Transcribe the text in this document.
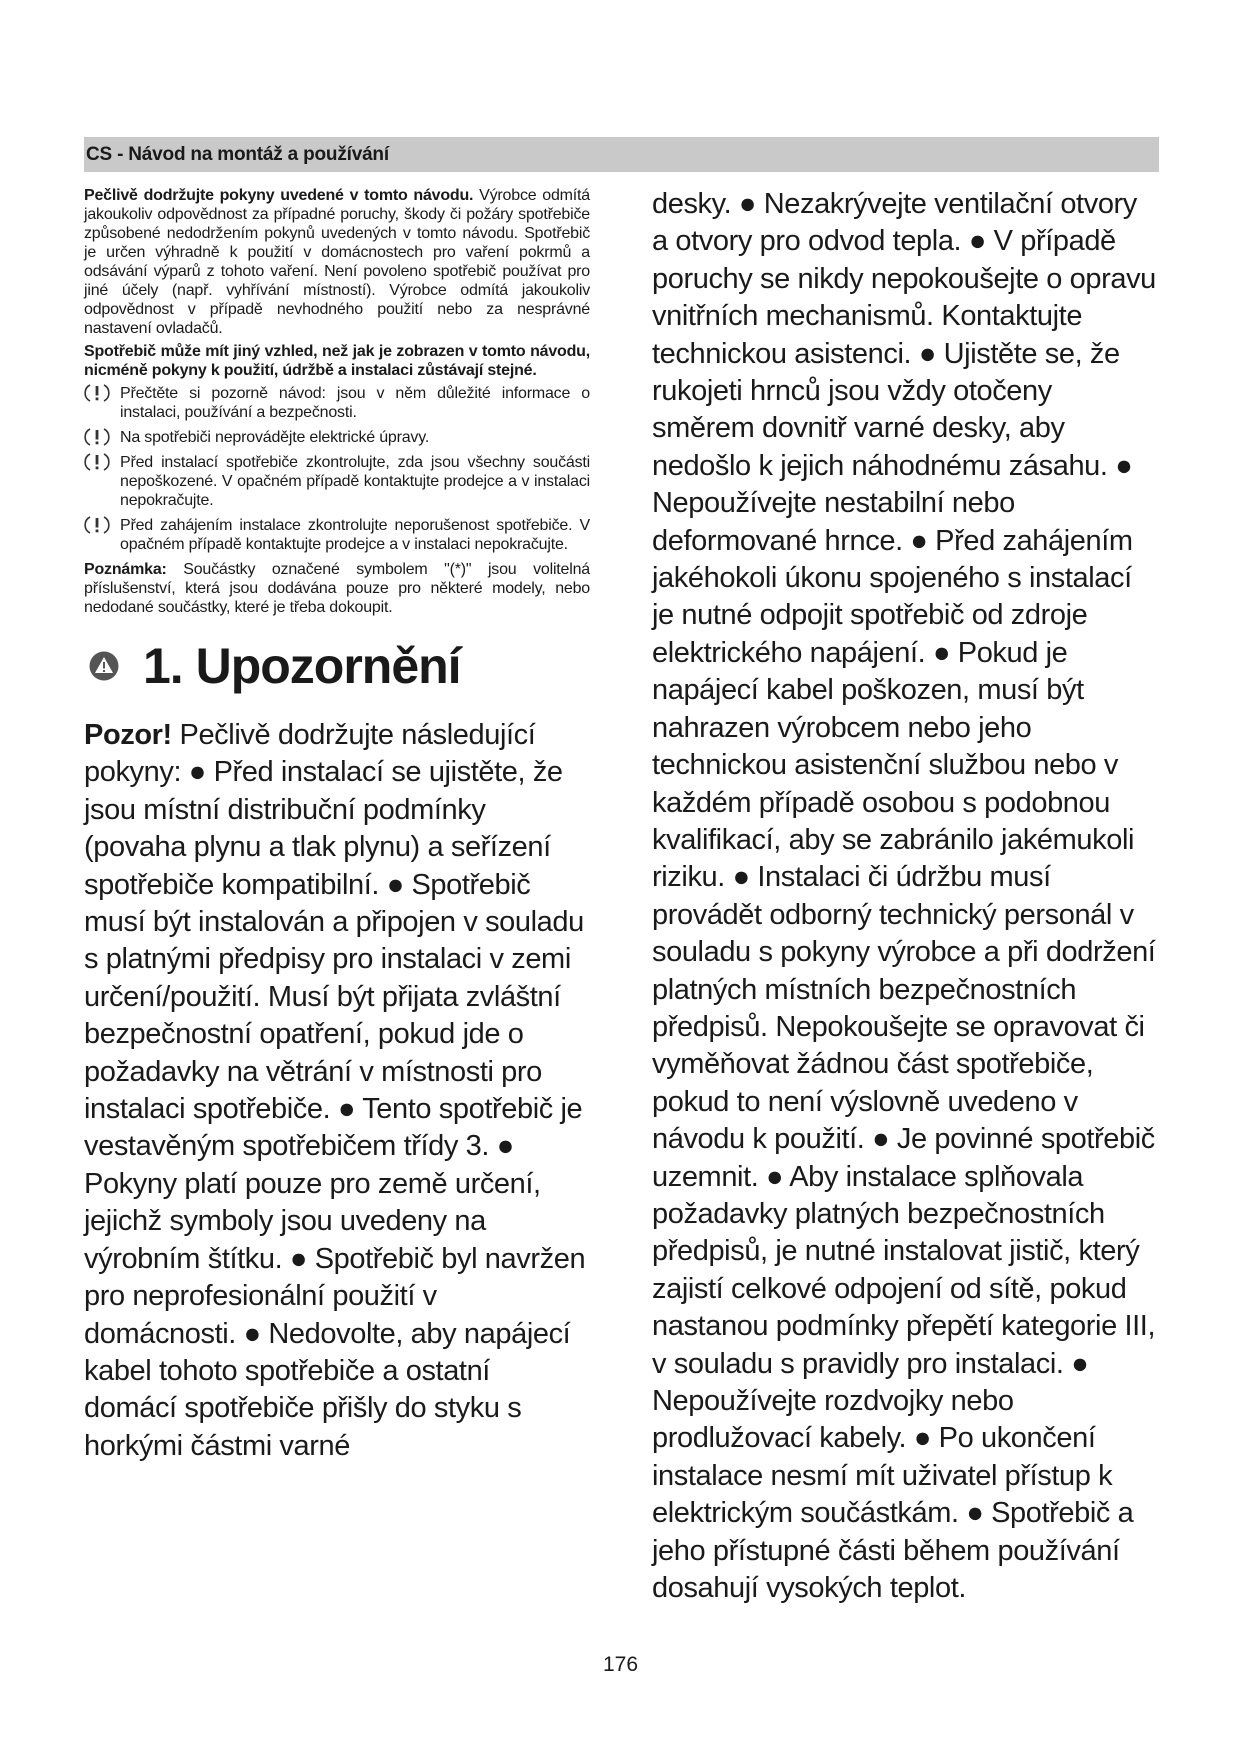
CS - Návod na montáž a používání

Pečlivě dodržujte pokyny uvedené v tomto návodu. Výrobce odmítá jakoukoliv odpovědnost za případné poruchy, škody či požáry spotřebiče způsobené nedodržením pokynů uvedených v tomto návodu. Spotřebič je určen výhradně k použití v domácnostech pro vaření pokrmů a odsávání výparů z tohoto vaření. Není povoleno spotřebič používat pro jiné účely (např. vyhřívání místností). Výrobce odmítá jakoukoliv odpovědnost v případě nevhodného použití nebo za nesprávné nastavení ovladačů.

Spotřebič může mít jiný vzhled, než jak je zobrazen v tomto návodu, nicméně pokyny k použití, údržbě a instalaci zůstávají stejné.

Přečtěte si pozorně návod: jsou v něm důležité informace o instalaci, používání a bezpečnosti.
Na spotřebiči neprovádějte elektrické úpravy.
Před instalací spotřebiče zkontrolujte, zda jsou všechny součásti nepoškozené. V opačném případě kontaktujte prodejce a v instalaci nepokračujte.
Před zahájením instalace zkontrolujte neporušenost spotřebiče. V opačném případě kontaktujte prodejce a v instalaci nepokračujte.

Poznámka: Součástky označené symbolem "(*)" jsou volitelná příslušenství, která jsou dodávána pouze pro některé modely, nebo nedodané součástky, které je třeba dokoupit.

1. Upozornění

Pozor! Pečlivě dodržujte následující pokyny: ● Před instalací se ujistěte, že jsou místní distribuční podmínky (povaha plynu a tlak plynu) a seřízení spotřebiče kompatibilní. ● Spotřebič musí být instalován a připojen v souladu s platnými předpisy pro instalaci v zemi určení/použití. Musí být přijata zvláštní bezpečnostní opatření, pokud jde o požadavky na větrání v místnosti pro instalaci spotřebiče. ● Tento spotřebič je vestavěným spotřebičem třídy 3. ● Pokyny platí pouze pro země určení, jejichž symboly jsou uvedeny na výrobním štítku. ● Spotřebič byl navržen pro neprofesionální použití v domácnosti. ● Nedovolte, aby napájecí kabel tohoto spotřebiče a ostatní domácí spotřebiče přišly do styku s horkými částmi varné

desky. ● Nezakrývejte ventilační otvory a otvory pro odvod tepla. ● V případě poruchy se nikdy nepokoušejte o opravu vnitřních mechanismů. Kontaktujte technickou asistenci. ● Ujistěte se, že rukojeti hrnců jsou vždy otočeny směrem dovnitř varné desky, aby nedošlo k jejich náhodnému zásahu. ● Nepoužívejte nestabilní nebo deformované hrnce. ● Před zahájením jakéhokoli úkonu spojeného s instalací je nutné odpojit spotřebič od zdroje elektrického napájení. ● Pokud je napájecí kabel poškozen, musí být nahrazen výrobcem nebo jeho technickou asistenční službou nebo v každém případě osobou s podobnou kvalifikací, aby se zabránilo jakémukoli riziku. ● Instalaci či údržbu musí provádět odborný technický personál v souladu s pokyny výrobce a při dodržení platných místních bezpečnostních předpisů. Nepokoušejte se opravovat či vyměňovat žádnou část spotřebiče, pokud to není výslovně uvedeno v návodu k použití. ● Je povinné spotřebič uzemnit. ● Aby instalace splňovala požadavky platných bezpečnostních předpisů, je nutné instalovat jistič, který zajistí celkové odpojení od sítě, pokud nastanou podmínky přepětí kategorie III, v souladu s pravidly pro instalaci. ● Nepoužívejte rozdvojky nebo prodlužovací kabely. ● Po ukončení instalace nesmí mít uživatel přístup k elektrickým součástkám. ● Spotřebič a jeho přístupné části během používání dosahují vysokých teplot.

176
